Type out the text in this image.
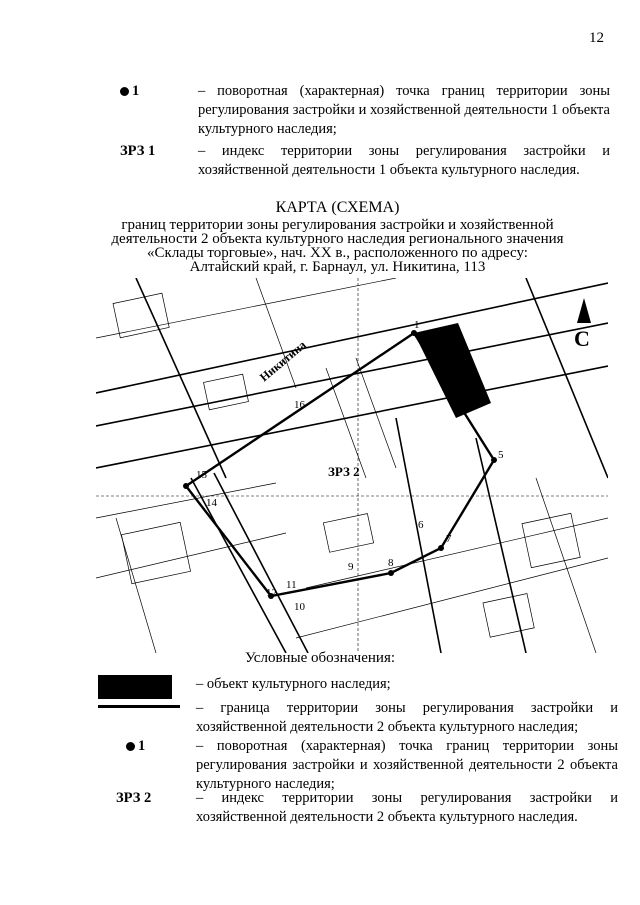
12
1	– поворотная (характерная) точка границ территории зоны регулирования застройки и хозяйственной деятельности 1 объекта культурного наследия;
ЗРЗ 1	– индекс территории зоны регулирования застройки и хозяйственной деятельности 1 объекта культурного наследия.
КАРТА (СХЕМА)
границ территории зоны регулирования застройки и хозяйственной
деятельности 2 объекта культурного наследия регионального значения
«Склады торговые», нач. XX в., расположенного по адресу:
Алтайский край, г. Барнаул, ул. Никитина, 113
Никитина
ЗРЗ 2
1
16
15
14
12
11
10
9	8
7
6
5
С
Условные обозначения:
– объект культурного наследия;
– граница территории зоны регулирования застройки и хозяйственной деятельности 2 объекта культурного наследия;
1	– поворотная (характерная) точка границ территории зоны регулирования застройки и хозяйственной деятельности 2 объекта культурного наследия;
ЗРЗ 2	– индекс территории зоны регулирования застройки и хозяйственной деятельности 2 объекта культурного наследия.
